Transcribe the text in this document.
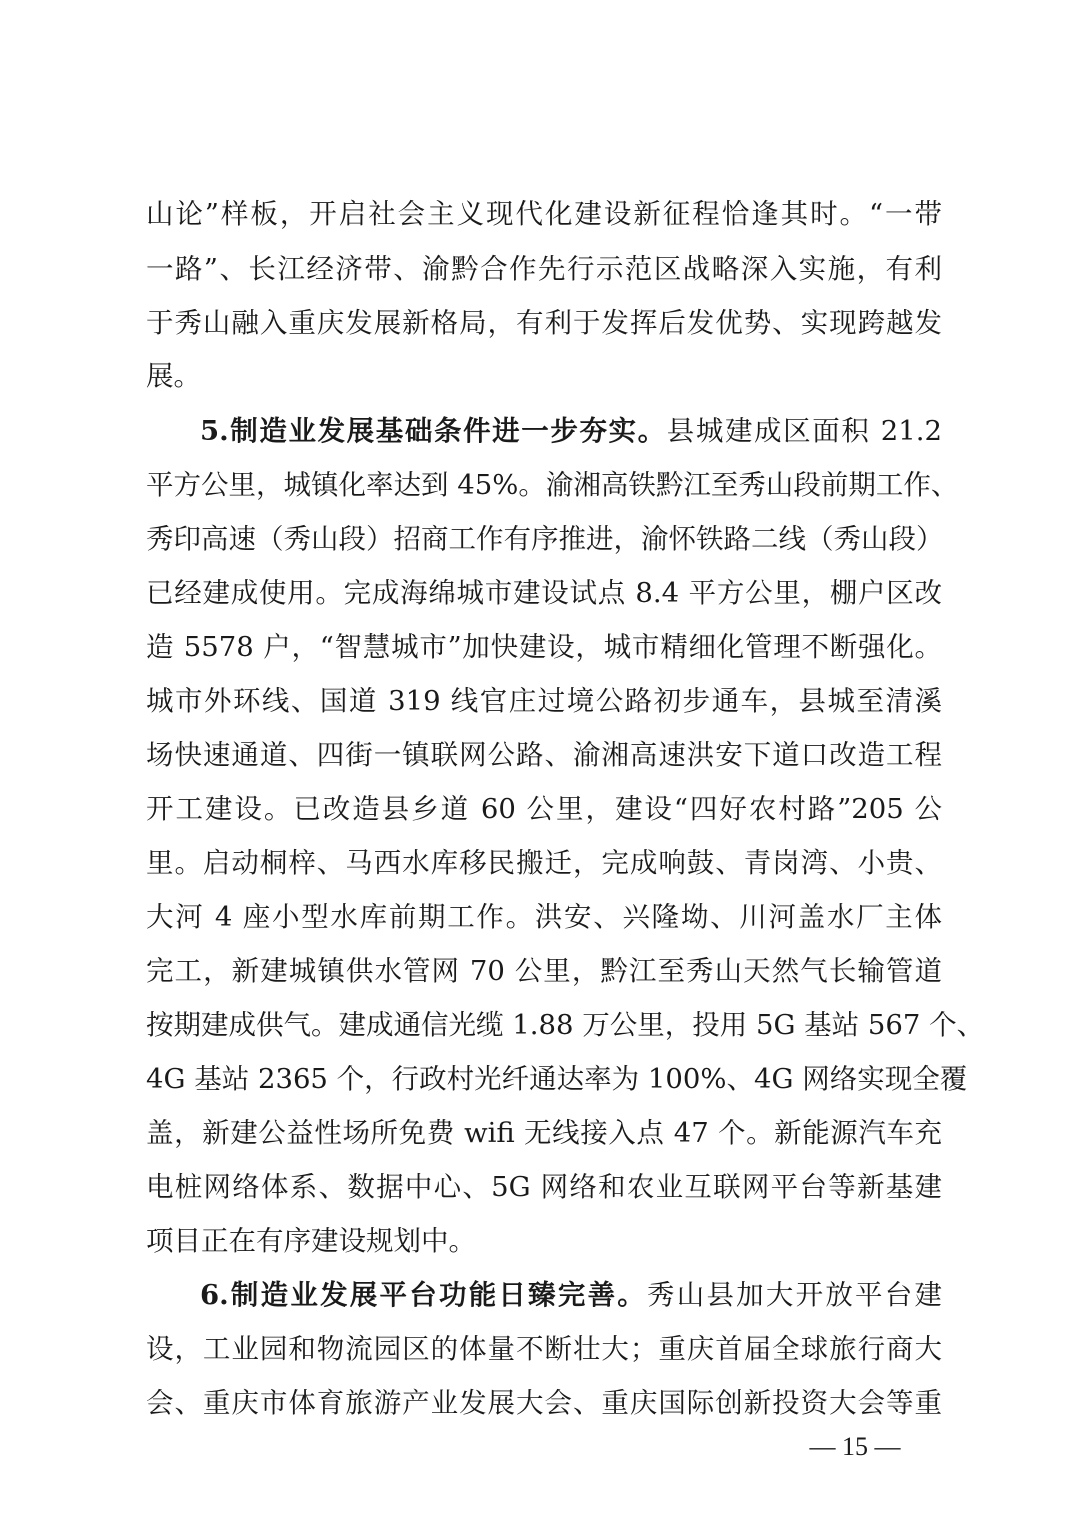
山论”样板，开启社会主义现代化建设新征程恰逢其时。“一带
一路”、长江经济带、渝黔合作先行示范区战略深入实施，有利
于秀山融入重庆发展新格局，有利于发挥后发优势、实现跨越发
展。
5.制造业发展基础条件进一步夯实。县城建成区面积 21.2
平方公里，城镇化率达到 45%。渝湘高铁黔江至秀山段前期工作、
秀印高速（秀山段）招商工作有序推进，渝怀铁路二线（秀山段）
已经建成使用。完成海绵城市建设试点 8.4 平方公里，棚户区改
造 5578 户，“智慧城市”加快建设，城市精细化管理不断强化。
城市外环线、国道 319 线官庄过境公路初步通车，县城至清溪
场快速通道、四街一镇联网公路、渝湘高速洪安下道口改造工程
开工建设。已改造县乡道 60 公里，建设“四好农村路”205 公
里。启动桐梓、马西水库移民搬迁，完成响鼓、青岗湾、小贵、
大河 4 座小型水库前期工作。洪安、兴隆坳、川河盖水厂主体
完工，新建城镇供水管网 70 公里，黔江至秀山天然气长输管道
按期建成供气。建成通信光缆 1.88 万公里，投用 5G 基站 567 个、
4G 基站 2365 个，行政村光纤通达率为 100%、4G 网络实现全覆
盖，新建公益性场所免费 wifi 无线接入点 47 个。新能源汽车充
电桩网络体系、数据中心、5G 网络和农业互联网平台等新基建
项目正在有序建设规划中。
6.制造业发展平台功能日臻完善。秀山县加大开放平台建
设，工业园和物流园区的体量不断壮大；重庆首届全球旅行商大
会、重庆市体育旅游产业发展大会、重庆国际创新投资大会等重
— 15 —
